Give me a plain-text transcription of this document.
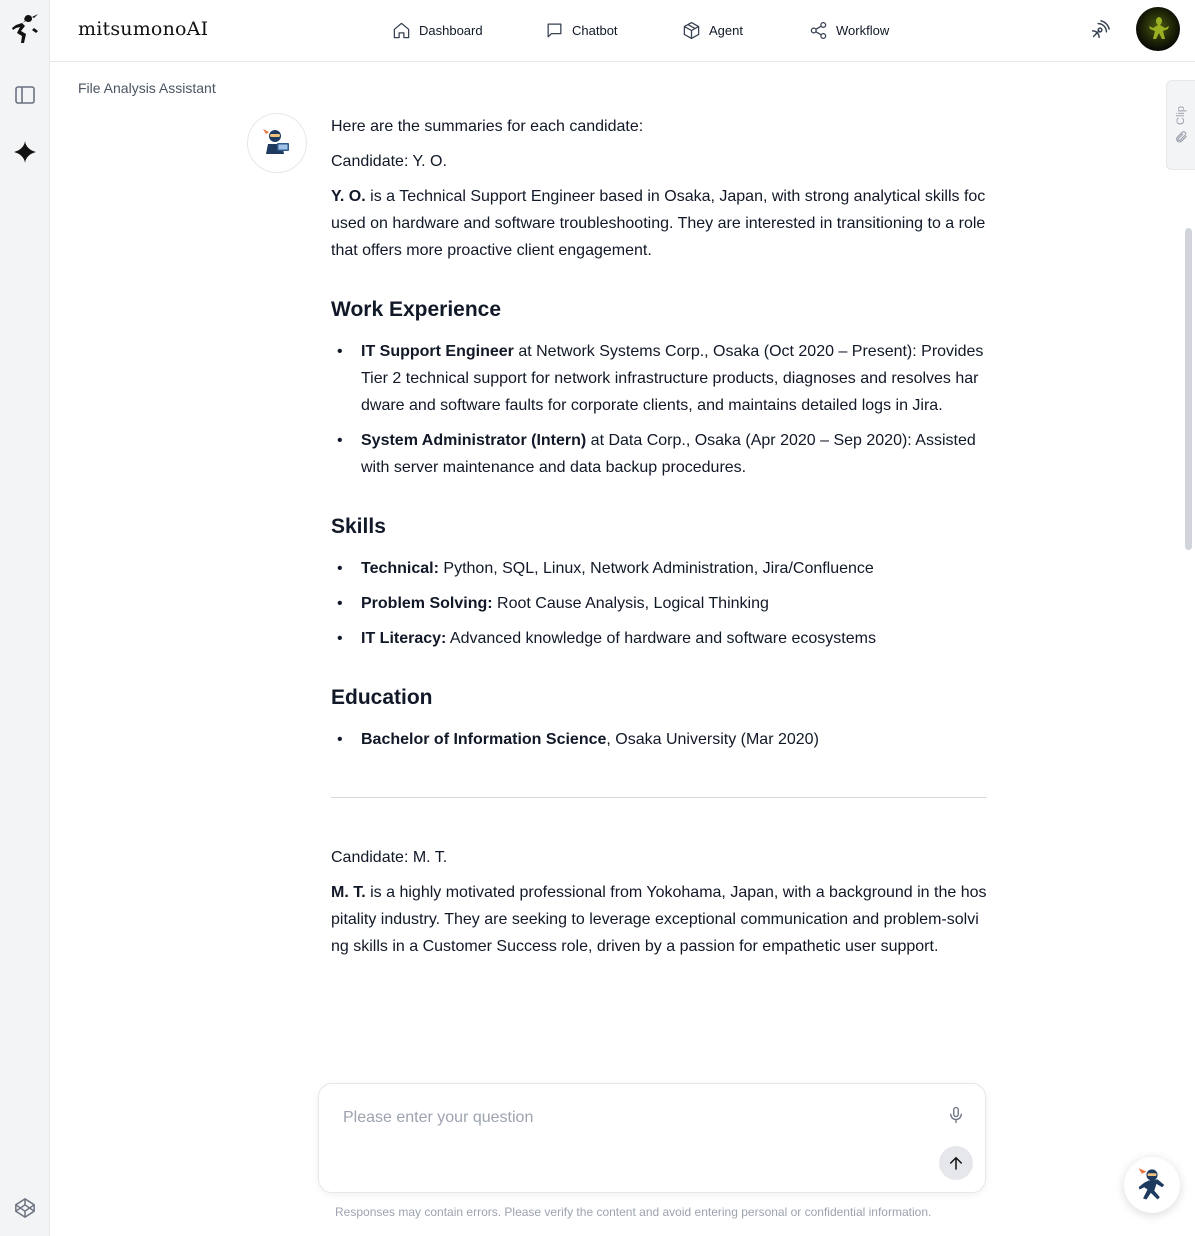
mitsumonoAI	Dashboard	Chatbot	Agent	Workflow
File Analysis Assistant
Clip

Here are the summaries for each candidate:

Candidate: Y. O.

Y. O. is a Technical Support Engineer based in Osaka, Japan, with strong analytical skills focused on hardware and software troubleshooting. They are interested in transitioning to a role that offers more proactive client engagement.

Work Experience
• IT Support Engineer at Network Systems Corp., Osaka (Oct 2020 – Present): Provides Tier 2 technical support for network infrastructure products, diagnoses and resolves hardware and software faults for corporate clients, and maintains detailed logs in Jira.
• System Administrator (Intern) at Data Corp., Osaka (Apr 2020 – Sep 2020): Assisted with server maintenance and data backup procedures.
Skills
• Technical: Python, SQL, Linux, Network Administration, Jira/Confluence
• Problem Solving: Root Cause Analysis, Logical Thinking
• IT Literacy: Advanced knowledge of hardware and software ecosystems
Education
• Bachelor of Information Science, Osaka University (Mar 2020)

Candidate: M. T.

M. T. is a highly motivated professional from Yokohama, Japan, with a background in the hospitality industry. They are seeking to leverage exceptional communication and problem-solving skills in a Customer Success role, driven by a passion for empathetic user support.

Please enter your question
Responses may contain errors. Please verify the content and avoid entering personal or confidential information.
